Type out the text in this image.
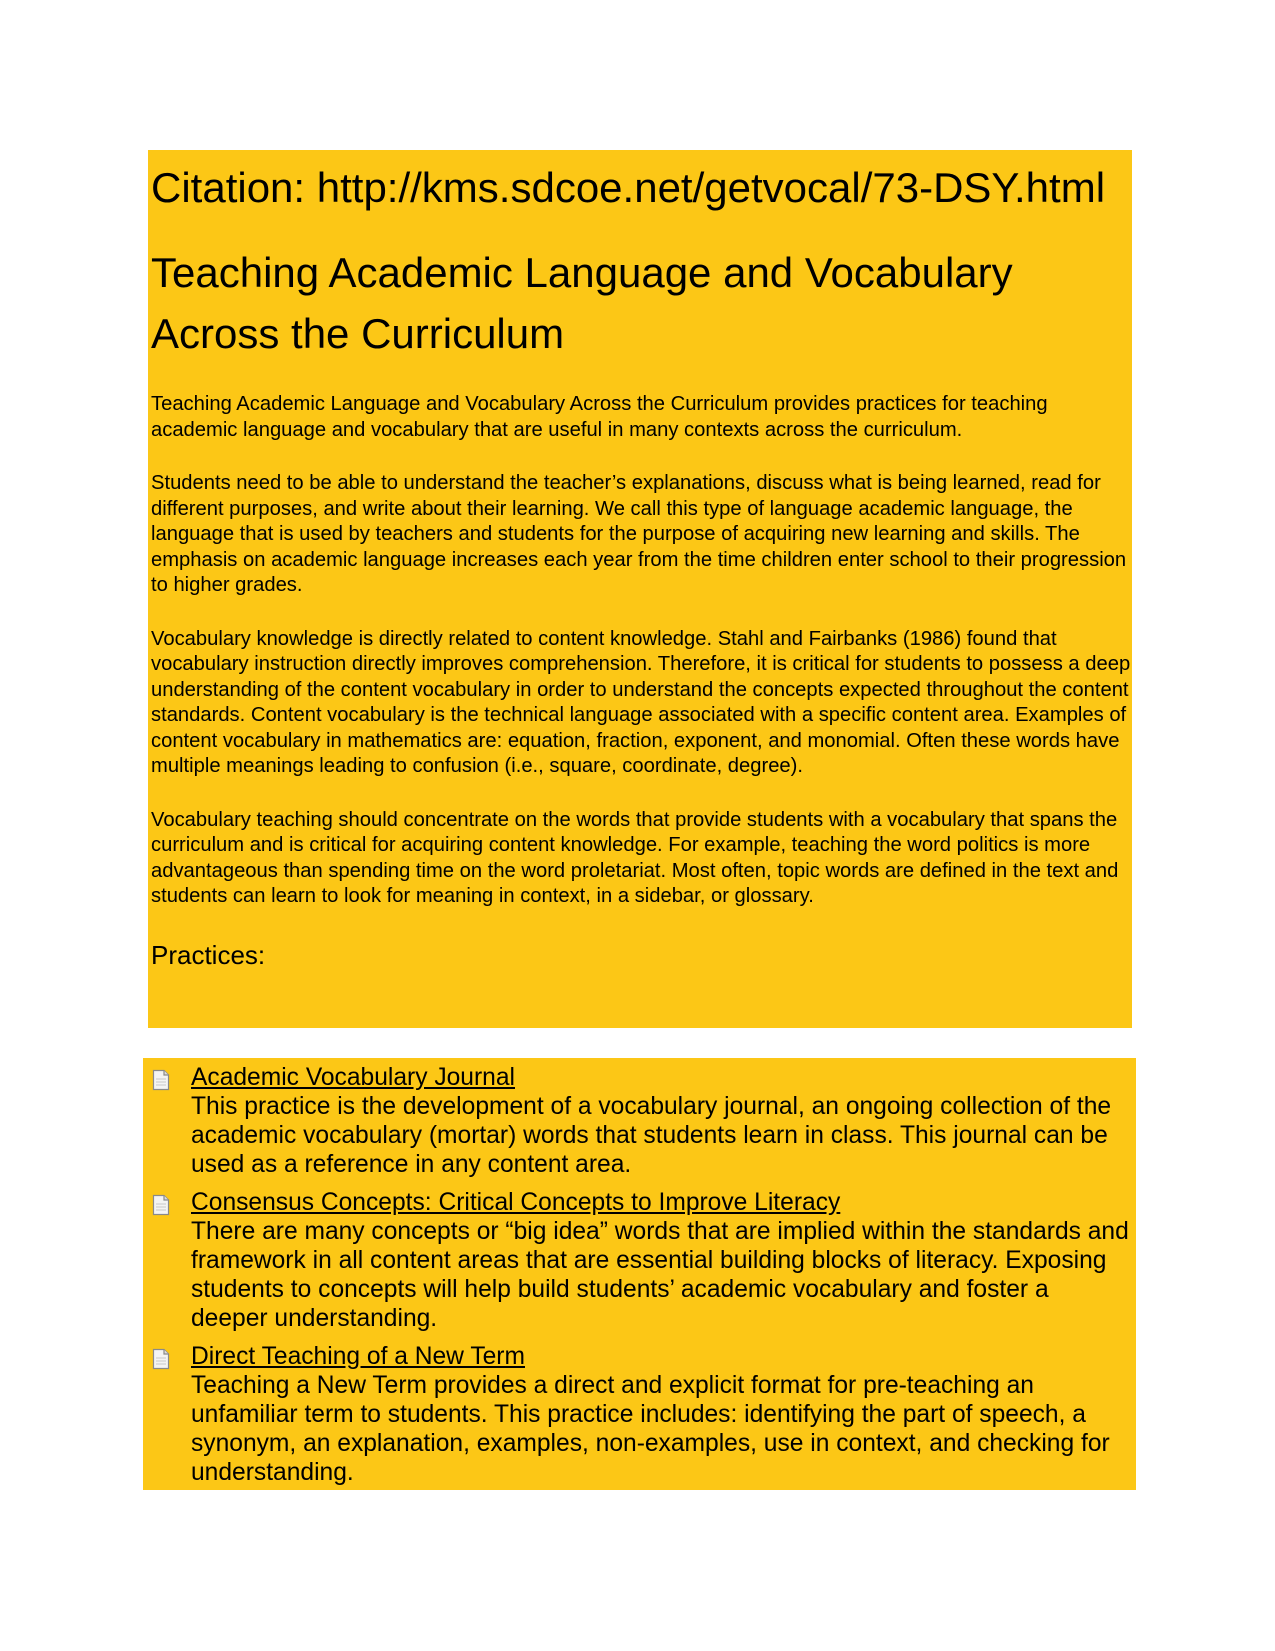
Citation: http://kms.sdcoe.net/getvocal/73-DSY.html
Teaching Academic Language and Vocabulary Across the Curriculum

Teaching Academic Language and Vocabulary Across the Curriculum provides practices for teaching academic language and vocabulary that are useful in many contexts across the curriculum.

Students need to be able to understand the teacher’s explanations, discuss what is being learned, read for different purposes, and write about their learning. We call this type of language academic language, the language that is used by teachers and students for the purpose of acquiring new learning and skills. The emphasis on academic language increases each year from the time children enter school to their progression to higher grades.

Vocabulary knowledge is directly related to content knowledge. Stahl and Fairbanks (1986) found that vocabulary instruction directly improves comprehension. Therefore, it is critical for students to possess a deep understanding of the content vocabulary in order to understand the concepts expected throughout the content standards. Content vocabulary is the technical language associated with a specific content area. Examples of content vocabulary in mathematics are: equation, fraction, exponent, and monomial. Often these words have multiple meanings leading to confusion (i.e., square, coordinate, degree).

Vocabulary teaching should concentrate on the words that provide students with a vocabulary that spans the curriculum and is critical for acquiring content knowledge. For example, teaching the word politics is more advantageous than spending time on the word proletariat. Most often, topic words are defined in the text and students can learn to look for meaning in context, in a sidebar, or glossary.

Practices:
Academic Vocabulary Journal

This practice is the development of a vocabulary journal, an ongoing collection of the academic vocabulary (mortar) words that students learn in class. This journal can be used as a reference in any content area.

Consensus Concepts: Critical Concepts to Improve Literacy

There are many concepts or “big idea” words that are implied within the standards and framework in all content areas that are essential building blocks of literacy. Exposing students to concepts will help build students’ academic vocabulary and foster a deeper understanding.

Direct Teaching of a New Term

Teaching a New Term provides a direct and explicit format for pre-teaching an unfamiliar term to students. This practice includes: identifying the part of speech, a synonym, an explanation, examples, non-examples, use in context, and checking for understanding.
